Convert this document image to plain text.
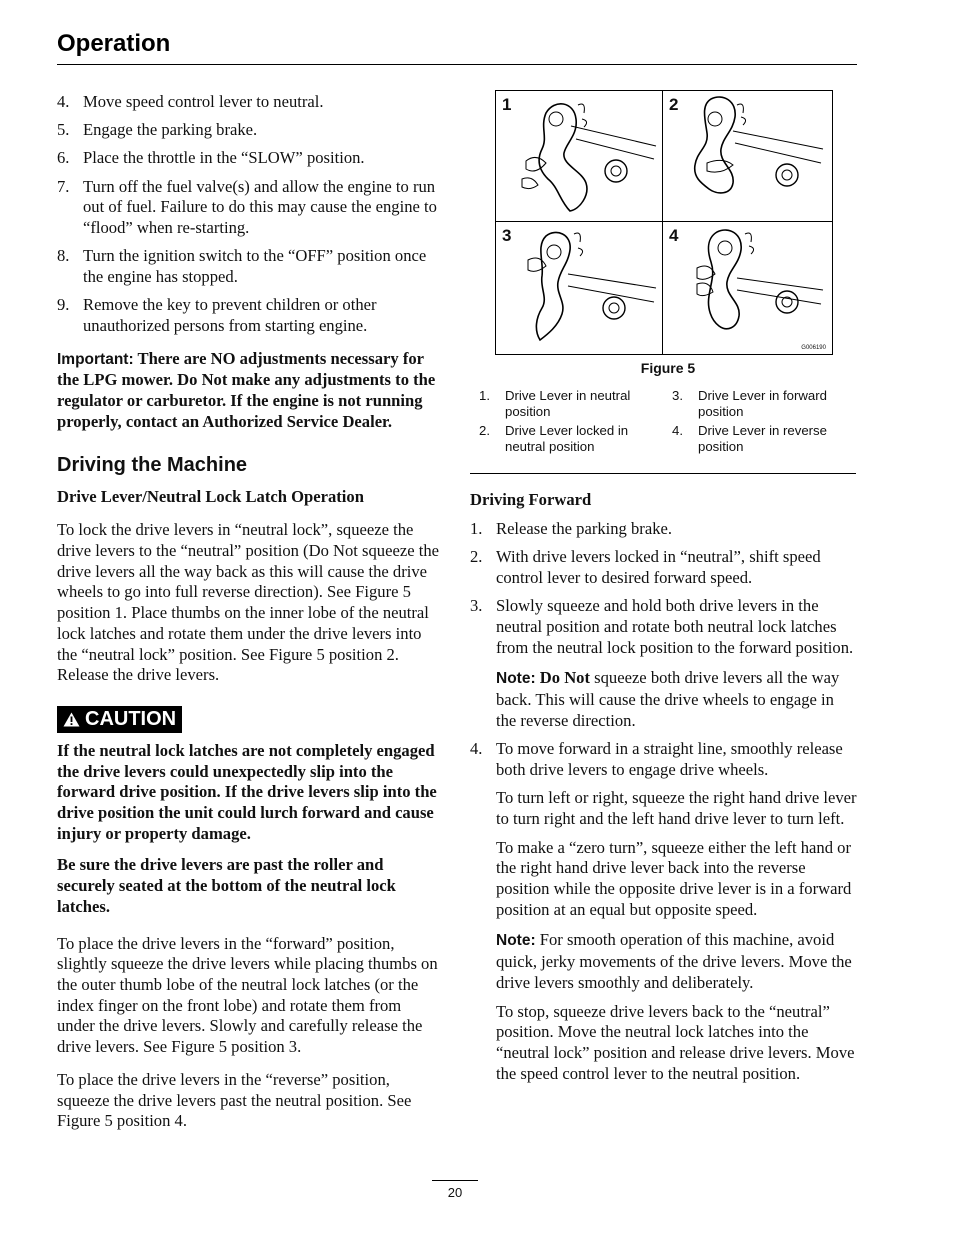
Operation
4. Move speed control lever to neutral.
5. Engage the parking brake.
6. Place the throttle in the “SLOW” position.
7. Turn off the fuel valve(s) and allow the engine to run out of fuel. Failure to do this may cause the engine to “flood” when re-starting.
8. Turn the ignition switch to the “OFF” position once the engine has stopped.
9. Remove the key to prevent children or other unauthorized persons from starting engine.
Important: There are NO adjustments necessary for the LPG mower. Do Not make any adjustments to the regulator or carburetor. If the engine is not running properly, contact an Authorized Service Dealer.
Driving the Machine
Drive Lever/Neutral Lock Latch Operation

To lock the drive levers in “neutral lock”, squeeze the drive levers to the “neutral” position (Do Not squeeze the drive levers all the way back as this will cause the drive wheels to go into full reverse direction). See Figure 5 position 1. Place thumbs on the inner lobe of the neutral lock latches and rotate them under the drive levers into the “neutral lock” position. See Figure 5 position 2. Release the drive levers.

CAUTION

If the neutral lock latches are not completely engaged the drive levers could unexpectedly slip into the forward drive position. If the drive levers slip into the drive position the unit could lurch forward and cause injury or property damage.

Be sure the drive levers are past the roller and securely seated at the bottom of the neutral lock latches.

To place the drive levers in the “forward” position, slightly squeeze the drive levers while placing thumbs on the outer thumb lobe of the neutral lock latches (or the index finger on the front lobe) and rotate them from under the drive levers. Slowly and carefully release the drive levers. See Figure 5 position 3.

To place the drive levers in the “reverse” position, squeeze the drive levers past the neutral position. See Figure 5 position 4.

1	2
3	4
G006190
Figure 5
1. Drive Lever in neutral position
3. Drive Lever in forward position
2. Drive Lever locked in neutral position
4. Drive Lever in reverse position
Driving Forward
1. Release the parking brake.
2. With drive levers locked in “neutral”, shift speed control lever to desired forward speed.
3. Slowly squeeze and hold both drive levers in the neutral position and rotate both neutral lock latches from the neutral lock position to the forward position.

Note: Do Not squeeze both drive levers all the way back. This will cause the drive wheels to engage in the reverse direction.

4. To move forward in a straight line, smoothly release both drive levers to engage drive wheels.

To turn left or right, squeeze the right hand drive lever to turn right and the left hand drive lever to turn left.

To make a “zero turn”, squeeze either the left hand or the right hand drive lever back into the reverse position while the opposite drive lever is in a forward position at an equal but opposite speed.

Note: For smooth operation of this machine, avoid quick, jerky movements of the drive levers. Move the drive levers smoothly and deliberately.

To stop, squeeze drive levers back to the “neutral” position. Move the neutral lock latches into the “neutral lock” position and release drive levers. Move the speed control lever to the neutral position.

20
